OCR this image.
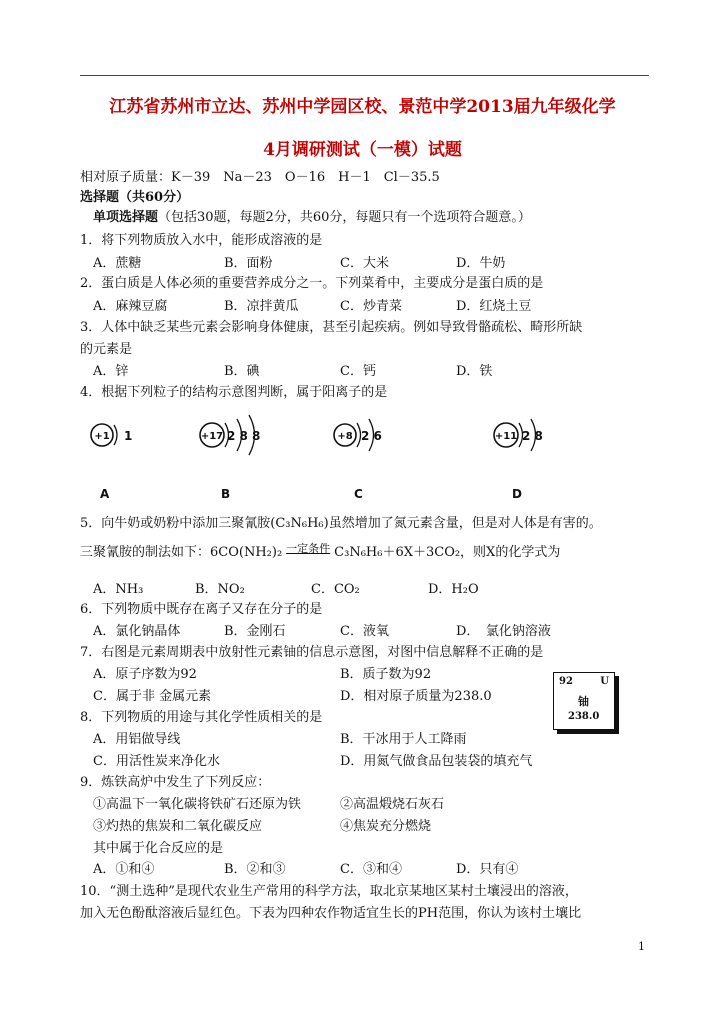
江苏省苏州市立达、苏州中学园区校、景范中学2013届九年级化学
4月调研测试（一模）试题
相对原子质量：K－39　Na－23　O－16　H－1　Cl－35.5
选择题（共60分）
单项选择题（包括30题，每题2分，共60分，每题只有一个选项符合题意。）
1．将下列物质放入水中，能形成溶液的是
A．蔗糖	B．面粉	C．大米	D．牛奶
2．蛋白质是人体必须的重要营养成分之一。下列菜肴中，主要成分是蛋白质的是
A．麻辣豆腐	B．凉拌黄瓜	C．炒青菜	D．红烧土豆
3．人体中缺乏某些元素会影响身体健康，甚至引起疾病。例如导致骨骼疏松、畸形所缺
的元素是
A．锌	B．碘	C．钙	D．铁
4．根据下列粒子的结构示意图判断，属于阳离子的是
+1 1
A
+17 2 8 8
B
+8 2 6
C
+11 2 8
D
5．向牛奶或奶粉中添加三聚氰胺(C₃N₆H₆)虽然增加了氮元素含量，但是对人体是有害的。
三聚氰胺的制法如下：6CO(NH₂)₂ $^{一定条件}$ C₃N₆H₆＋6X＋3CO₂，则X的化学式为
A．NH₃	B．NO₂	C．CO₂	D．H₂O
6．下列物质中既存在离子又存在分子的是
A．氯化钠晶体	B．金刚石	C．液氧	D．　氯化钠溶液
7．右图是元素周期表中放射性元素铀的信息示意图，对图中信息解释不正确的是
A．原子序数为92	B．质子数为92
C．属于非 金属元素	D．相对原子质量为238.0
92	U
铀
238.0
8．下列物质的用途与其化学性质相关的是
A．用铝做导线	B．干冰用于人工降雨
C．用活性炭来净化水	D．用氮气做食品包装袋的填充气
9．炼铁高炉中发生了下列反应：
①高温下一氧化碳将铁矿石还原为铁	②高温煅烧石灰石
③灼热的焦炭和二氧化碳反应	④焦炭充分燃烧
其中属于化合反应的是
A．①和④	B．②和③	C．③和④	D．只有④
10．“测土选种”是现代农业生产常用的科学方法，取北京某地区某村土壤浸出的溶液，
加入无色酚酞溶液后显红色。下表为四种农作物适宜生长的PH范围，你认为该村土壤比
1
